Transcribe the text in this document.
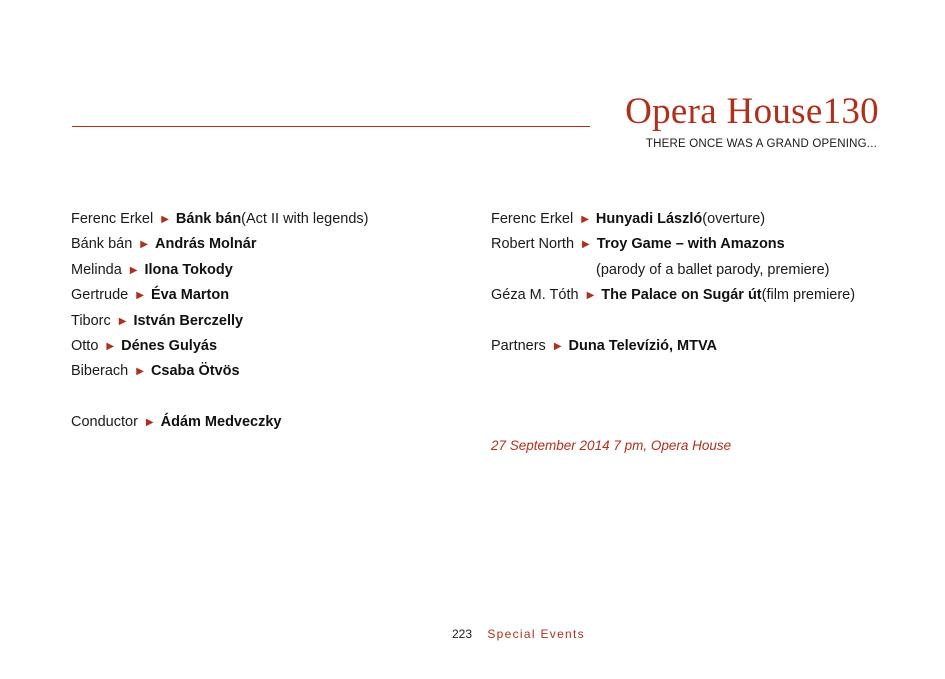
Opera House130
THERE ONCE WAS A GRAND OPENING...
Ferenc Erkel ▶ Bánk bán (Act II with legends)
Bánk bán ▶ András Molnár
Melinda ▶ Ilona Tokody
Gertrude ▶ Éva Marton
Tiborc ▶ István Berczelly
Otto ▶ Dénes Gulyás
Biberach ▶ Csaba Ötvös
Conductor ▶ Ádám Medveczky
Ferenc Erkel ▶ Hunyadi László (overture)
Robert North ▶ Troy Game – with Amazons
(parody of a ballet parody, premiere)
Géza M. Tóth ▶ The Palace on Sugár út (film premiere)
Partners ▶ Duna Televízió, MTVA
27 September 2014 7 pm, Opera House
223 Special Events
